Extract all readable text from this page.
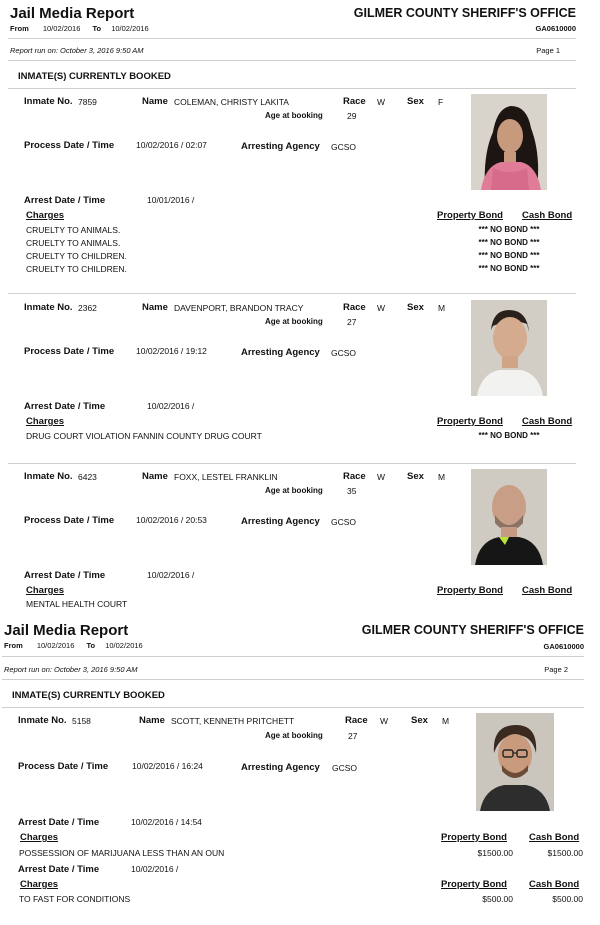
Jail Media Report
From 10/02/2016 To 10/02/2016
GILMER COUNTY SHERIFF'S OFFICE
GA0610000
Report run on: October 3, 2016 9:50 AM	Page 1
INMATE(S) CURRENTLY BOOKED
Inmate No. 7859	Name COLEMAN, CHRISTY LAKITA	Race W Sex F
Age at booking	29
Process Date / Time	10/02/2016 / 02:07	Arresting Agency GCSO
Arrest Date / Time	10/01/2016 /
Charges	Property Bond Cash Bond
CRUELTY TO ANIMALS.	*** NO BOND ***
CRUELTY TO ANIMALS.	*** NO BOND ***
CRUELTY TO CHILDREN.	*** NO BOND ***
CRUELTY TO CHILDREN.	*** NO BOND ***
Inmate No. 2362	Name DAVENPORT, BRANDON TRACY	Race W Sex M
Age at booking	27
Process Date / Time	10/02/2016 / 19:12	Arresting Agency GCSO
Arrest Date / Time	10/02/2016 /
Charges	Property Bond Cash Bond
DRUG COURT VIOLATION FANNIN COUNTY DRUG COURT	*** NO BOND ***
Inmate No. 6423	Name FOXX, LESTEL FRANKLIN	Race W Sex M
Age at booking	35
Process Date / Time	10/02/2016 / 20:53	Arresting Agency GCSO
Arrest Date / Time	10/02/2016 /
Charges	Property Bond Cash Bond
MENTAL HEALTH COURT
Jail Media Report
From 10/02/2016 To 10/02/2016
GILMER COUNTY SHERIFF'S OFFICE
GA0610000
Report run on: October 3, 2016 9:50 AM	Page 2
INMATE(S) CURRENTLY BOOKED
Inmate No. 5158	Name SCOTT, KENNETH PRITCHETT	Race W Sex M
Age at booking	27
Process Date / Time	10/02/2016 / 16:24	Arresting Agency GCSO
Arrest Date / Time	10/02/2016 / 14:54
Charges	Property Bond Cash Bond
POSSESSION OF MARIJUANA LESS THAN AN OUN	$1500.00	$1500.00
Arrest Date / Time	10/02/2016 /
Charges	Property Bond Cash Bond
TO FAST FOR CONDITIONS	$500.00	$500.00
